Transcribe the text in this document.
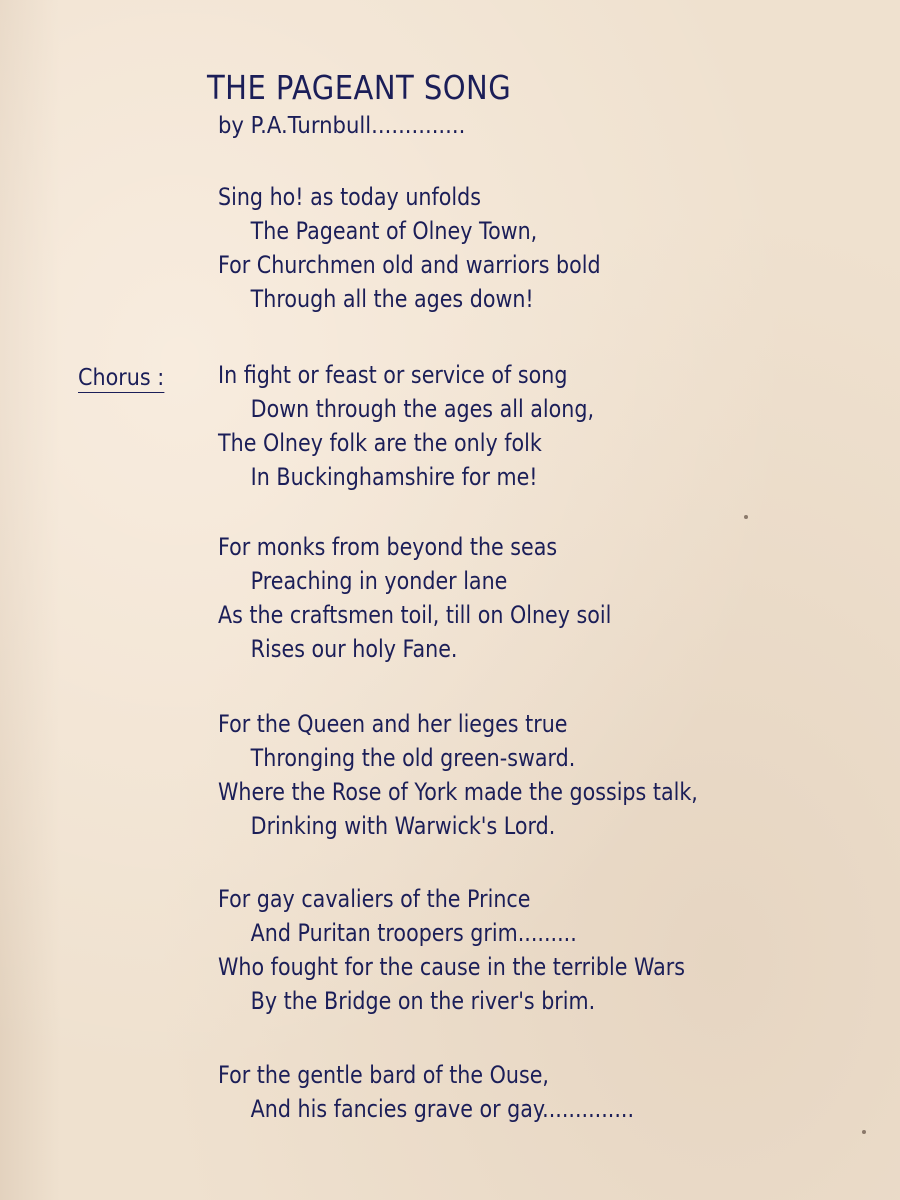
THE PAGEANT SONG
by P.A.Turnbull..............
Chorus :
Sing ho! as today unfolds
The Pageant of Olney Town,
For Churchmen old and warriors bold
Through all the ages down!
In fight or feast or service of song
Down through the ages all along,
The Olney folk are the only folk
In Buckinghamshire for me!
For monks from beyond the seas
Preaching in yonder lane
As the craftsmen toil, till on Olney soil
Rises our holy Fane.
For the Queen and her lieges true
Thronging the old green-sward.
Where the Rose of York made the gossips talk,
Drinking with Warwick's Lord.
For gay cavaliers of the Prince
And Puritan troopers grim.........
Who fought for the cause in the terrible Wars
By the Bridge on the river's brim.
For the gentle bard of the Ouse,
And his fancies grave or gay..............
